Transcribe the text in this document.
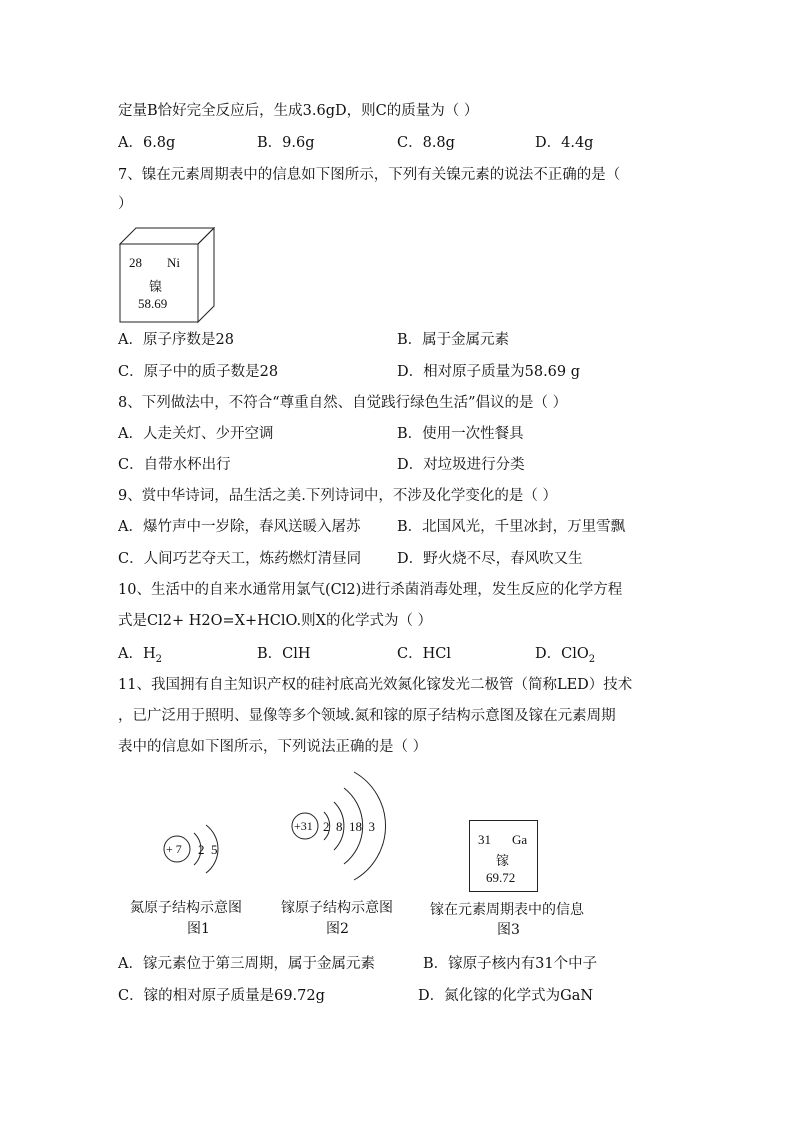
定量B恰好完全反应后，生成3.6gD，则C的质量为（ ）
A．6.8g	B．9.6g	C．8.8g	D．4.4g
7、镍在元素周期表中的信息如下图所示，下列有关镍元素的说法不正确的是（
）
28 Ni
镍
58.69
A．原子序数是28	B．属于金属元素
C．原子中的质子数是28	D．相对原子质量为58.69 g
8、下列做法中，不符合“尊重自然、自觉践行绿色生活”倡议的是（ ）
A．人走关灯、少开空调	B．使用一次性餐具
C．自带水杯出行	D．对垃圾进行分类
9、赏中华诗词，品生活之美.下列诗词中，不涉及化学变化的是（ ）
A．爆竹声中一岁除，春风送暖入屠苏	B．北国风光，千里冰封，万里雪飘
C．人间巧艺夺天工，炼药燃灯清昼同 D．野火烧不尽，春风吹又生
10、生活中的自来水通常用氯气(Cl2)进行杀菌消毒处理，发生反应的化学方程
式是Cl2+ H2O=X+HClO.则X的化学式为（ ）
A．$H_2$	B．ClH	C．HCl	D．ClO$_2$
11、我国拥有自主知识产权的硅衬底高光效氮化镓发光二极管（简称LED）技术
，已广泛用于照明、显像等多个领域.氮和镓的原子结构示意图及镓在元素周期
表中的信息如下图所示，下列说法正确的是（ ）
+ 7 2  5
氮原子结构示意图
图1
+31 2  8  18  3
镓原子结构示意图
图2
31 Ga
镓
69.72
镓在元素周期表中的信息
图3
A．镓元素位于第三周期，属于金属元素	B．镓原子核内有31个中子
C．镓的相对原子质量是69.72g	D．氮化镓的化学式为GaN
